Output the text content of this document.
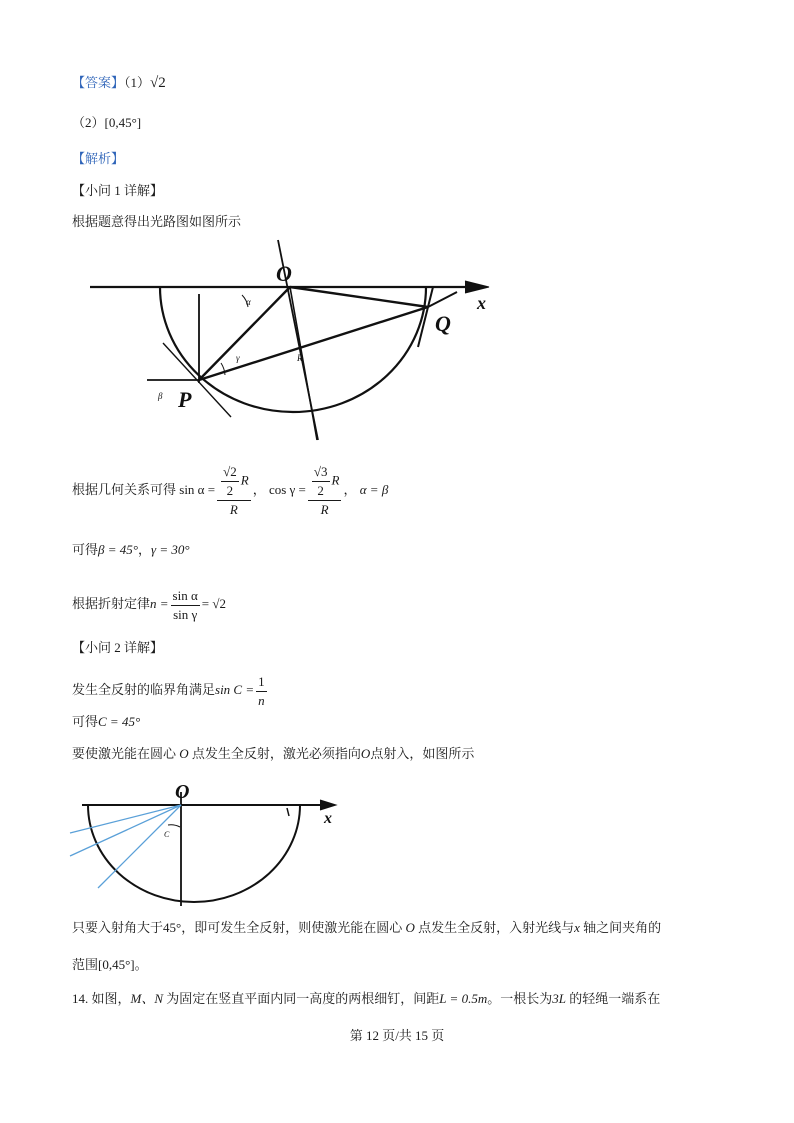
【答案】（1）√2
（2）[0,45°]
【解析】
【小问 1 详解】
根据题意得出光路图如图所示
O
x
Q
P
α
γ
β
R
根据几何关系可得 $\sin \alpha = \frac{\frac{√2}{2} R}{R}$ ， $\cos \gamma = \frac{\frac{√3}{2} R}{R}$ ， α = β
可得β = 45°，γ = 30°
根据折射定律$n = \frac{\text{sin α}}{\text{sin γ}} = √2$
【小问 2 详解】
发生全反射的临界角满足$\sin C = \frac{1}{n}$
可得C = 45°
要使激光能在圆心 O 点发生全反射，激光必须指向O点射入，如图所示
O
x
C
只要入射角大于45°，即可发生全反射，则使激光能在圆心 O 点发生全反射，入射光线与x 轴之间夹角的
范围[0,45°]。
14. 如图，M、N 为固定在竖直平面内同一高度的两根细钉，间距L = 0.5m。一根长为3L 的轻绳一端系在
第 12 页/共 15 页
